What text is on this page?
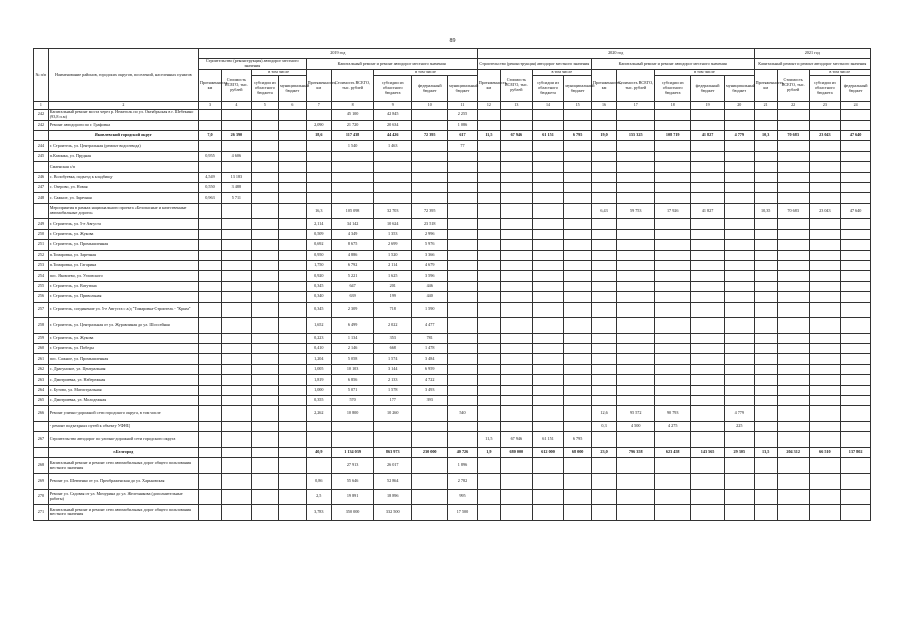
89
№ п/п	Наименование районов, городских округов, поселений, населенных пунктов	2019 год									2020 год									2021 год			
		Строительство (реконструкция) автодорог местного значения				Капитальный ремонт и ремонт автодорог местного значения					Строительство (реконструкция) автодорог местного значения				Капитальный ремонт и ремонт автодорог местного значения					Капитальный ремонт и ремонт автодорог местного значения			
		Протяженность, км	Стоимость ВСЕГО, тыс. рублей	в том числе		Протяженность, км	Стоимость ВСЕГО, тыс. рублей	в том числе			Протяженность, км	Стоимость ВСЕГО, тыс. рублей	в том числе		Протяженность, км	Стоимость ВСЕГО, тыс. рублей	в том числе			Протяженность, км	Стоимость ВСЕГО, тыс. рублей	в том числе	
				субсидии из областного бюджета	муниципальный бюджет			субсидии из областного бюджета	федеральный бюджет	муниципальный бюджет			субсидии из областного бюджета	муниципальный бюджет			субсидии из областного бюджета	федеральный бюджет	муниципальный бюджет			субсидии из областного бюджета	федеральный бюджет
1	2	3	4	5	6	7	8	9	10	11	12	13	14	15	16	17	18	19	20	21	22	23	24
242	Капитальный ремонт моста через р. Нежеголь по ул. Октябрьская в г. Шебекино (93,8 п.м)						45 100	42 845		2 255													
242	Ремонт автодороги по г. Графовка					2,090	21 720	20 634		1 086													
	Яковлевский городской округ	7,0	26 390			18,6	117 438	44 426	72 395	617	11,5	67 946	61 151	6 795	19,0	155 325	108 719	41 827	4 779	10,3	70 683	23 043	47 640
244	г. Строитель, ул. Центральная (ремонт водоотвода)						1 540	1 463		77													
245	п.Казинка, ул. Прудная	0,955	4 606																				
	Смаенская с/п																						
246	с. Волобуевка, подъезд к кладбищу	4,549	13 183																				
247	с. Озерово, ул. Новая	0,550	3 488																				
248	с. Сажное, ул. Заречная	0,963	5 711																				
	Мероприятия в рамках национального проекта «Безопасные и качественные автомобильные дороги»					16,3	105 098	32 703	72 395						6,43	59 753	17 926	41 827		10,35	70 683	23 043	47 640
249	г. Строитель, ул. 5-е Августа					2,114	34 142	10 624	23 518														
250	г. Строитель, ул. Жукова					0,509	4 349	1 353	2 996														
251	г. Строитель, ул. Промышленная					0,692	8 675	2 699	5 976														
252	п.Томаровка, ул. Заречная					0,950	4 886	1 520	3 366														
253	п.Томаровка, ул. Гагарина					1,750	6 792	2 114	4 679														
254	пос. Яковлево, ул. Угловского					0,920	5 221	1 625	3 596														
255	г. Строитель, ул. Ватутина					0,345	647	201	446														
256	г. Строитель, ул. Привольная					0,340	639	199	440														
257	г. Строитель, соединение ул. 5-е Августа с а/д "Томаровка-Строитель - "Крым"					0,345	2 309	718	1 590														
258	г. Строитель, ул. Центральная от ул. Журавлиная до ул. Шоссейная					1,652	6 499	2 022	4 477														
259	г. Строитель, ул. Жукова					0,223	1 134	353	781														
260	г. Строитель, ул. Победы					0,410	2 146	668	1 478														
261	пос. Сажное, ул. Промышленная					1,204	5 058	1 574	3 484														
262	с. Драгунское, ул. Центральная					1,005	10 103	3 144	6 959														
263	с. Дмитриевка, ул. Набережная					1,819	6 856	2 133	4 722														
264	с. Бутово, ул. Магистральная					1,000	5 071	1 578	3 493														
265	с. Дмитриевка, ул. Молодежная					0,355	570	177	393														
266	Ремонт улично-дорожной сети городского округа, в том числе					2,262	10 800	10 260		540					12,6	95 572	90 793		4 779				
	- ремонт подъездных путей к объекту УФНЦ														0,3	4 500	4 275		225				
267	Строительство автодорог по улично-дорожной сети городского округа										11,5	67 946	61 151	6 795									
	г.Белгород					40,9	1 134 039	863 973	230 000	40 726	1,9	680 000	612 000	68 000	23,0	796 358	623 458	143 565	29 305	13,5	204 312	66 510	137 802
268	Капитальный ремонт и ремонт сети автомобильных дорог общего пользования местного значения						27 913	26 017		1 896													
269	Ремонт ул. Шевченко от ул. Преображенская до ул. Харьковская					0,86	55 646	52 864		2 782													
270	Ремонт ул. Садовая от ул. Мичурина до ул. Железнякова (дополнительные работы)					2,5	19 891	18 896		995													
271	Капитальный ремонт и ремонт сети автомобильных дорог общего пользования местного значения					3,783	350 000	332 500		17 500													
